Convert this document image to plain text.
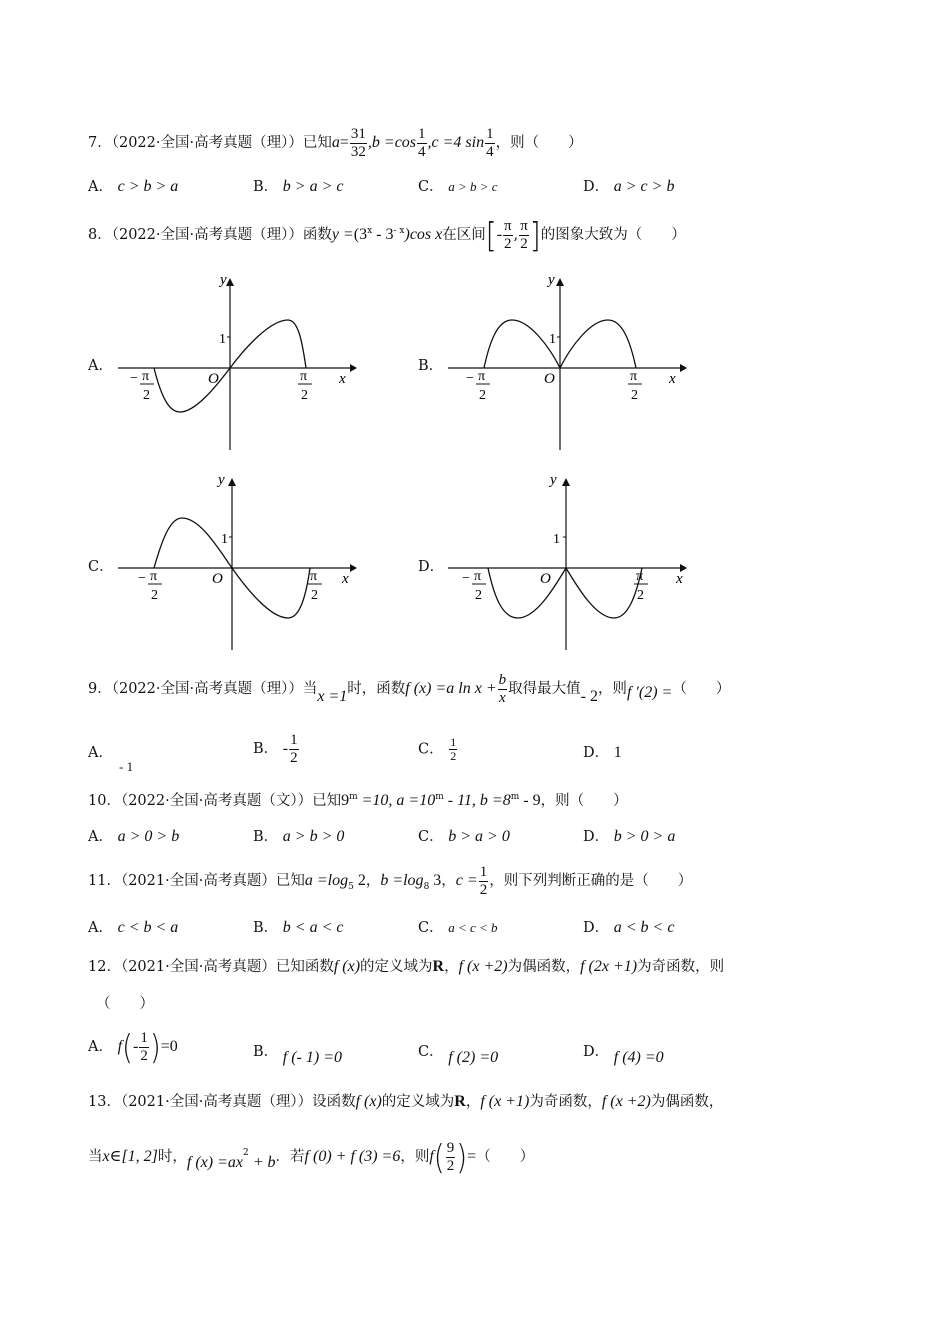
7．（2022·全国·高考真题（理））已知$a= \frac{31}{32} ,b =\cos \frac{1}{4} ,c =4$ $\sin \frac{1}{4}$ ，则（　　）
A． c > b > a	B． b > a > c	C． a > b > c	D． a > c > b
8．（2022·全国·高考真题（理））函数$y =(3^x - 3^{- x})\cos$ x在区间[- $\frac{\pi}{2}$ , $\frac{\pi}{2}$ ]的图象大致为（　　）
A．	B．
C．	D．
y
x
O
1
− π
2
π
2
y
x
O
1
− π
2
π
2
y
x
O
1
− π
2
π
2
y
x
O
1
− π
2
π
2
9．（2022·全国·高考真题（理））当x =1时，函数f (x) =a $\ln x + \frac{b}{x}$ 取得最大值- 2，则f ′(2) =（　　）
A．- 1
B． - $\frac{1}{2}$	C． $\frac{1}{2}$	D． 1
10．（2022·全国·高考真题（文））已知$9^m =10$, $a =10^m - 11$, $b =8^m - 9$，则（　　）
A． a > 0 > b	B． a > b > 0	C． b > a > 0	D． b > 0 > a
11．（2021·全国·高考真题）已知$a =\log_5$ 2，$b =\log_8$ 3，$c = \frac{1}{2}$ ，则下列判断正确的是（　　）
A． c < b < a	B． b < a < c	C． a < c < b	D． a < b < c
12．（2021·全国·高考真题）已知函数f (x)的定义域为R，f (x +2)为偶函数，f (2x +1)为奇函数，则
（　　）
A． $f(- \frac{1}{2} )=0$	B． f (- 1) =0	C． f (2) =0	D． f (4) =0
13．（2021·全国·高考真题（理））设函数f (x)的定义域为R，f (x +1)为奇函数，f (x +2)为偶函数，
当x∈[1, 2]时，f $(x) =ax^2 + b$．若f (0) + f (3) =6，则$f( \frac{9}{2}$ )=（　　）
